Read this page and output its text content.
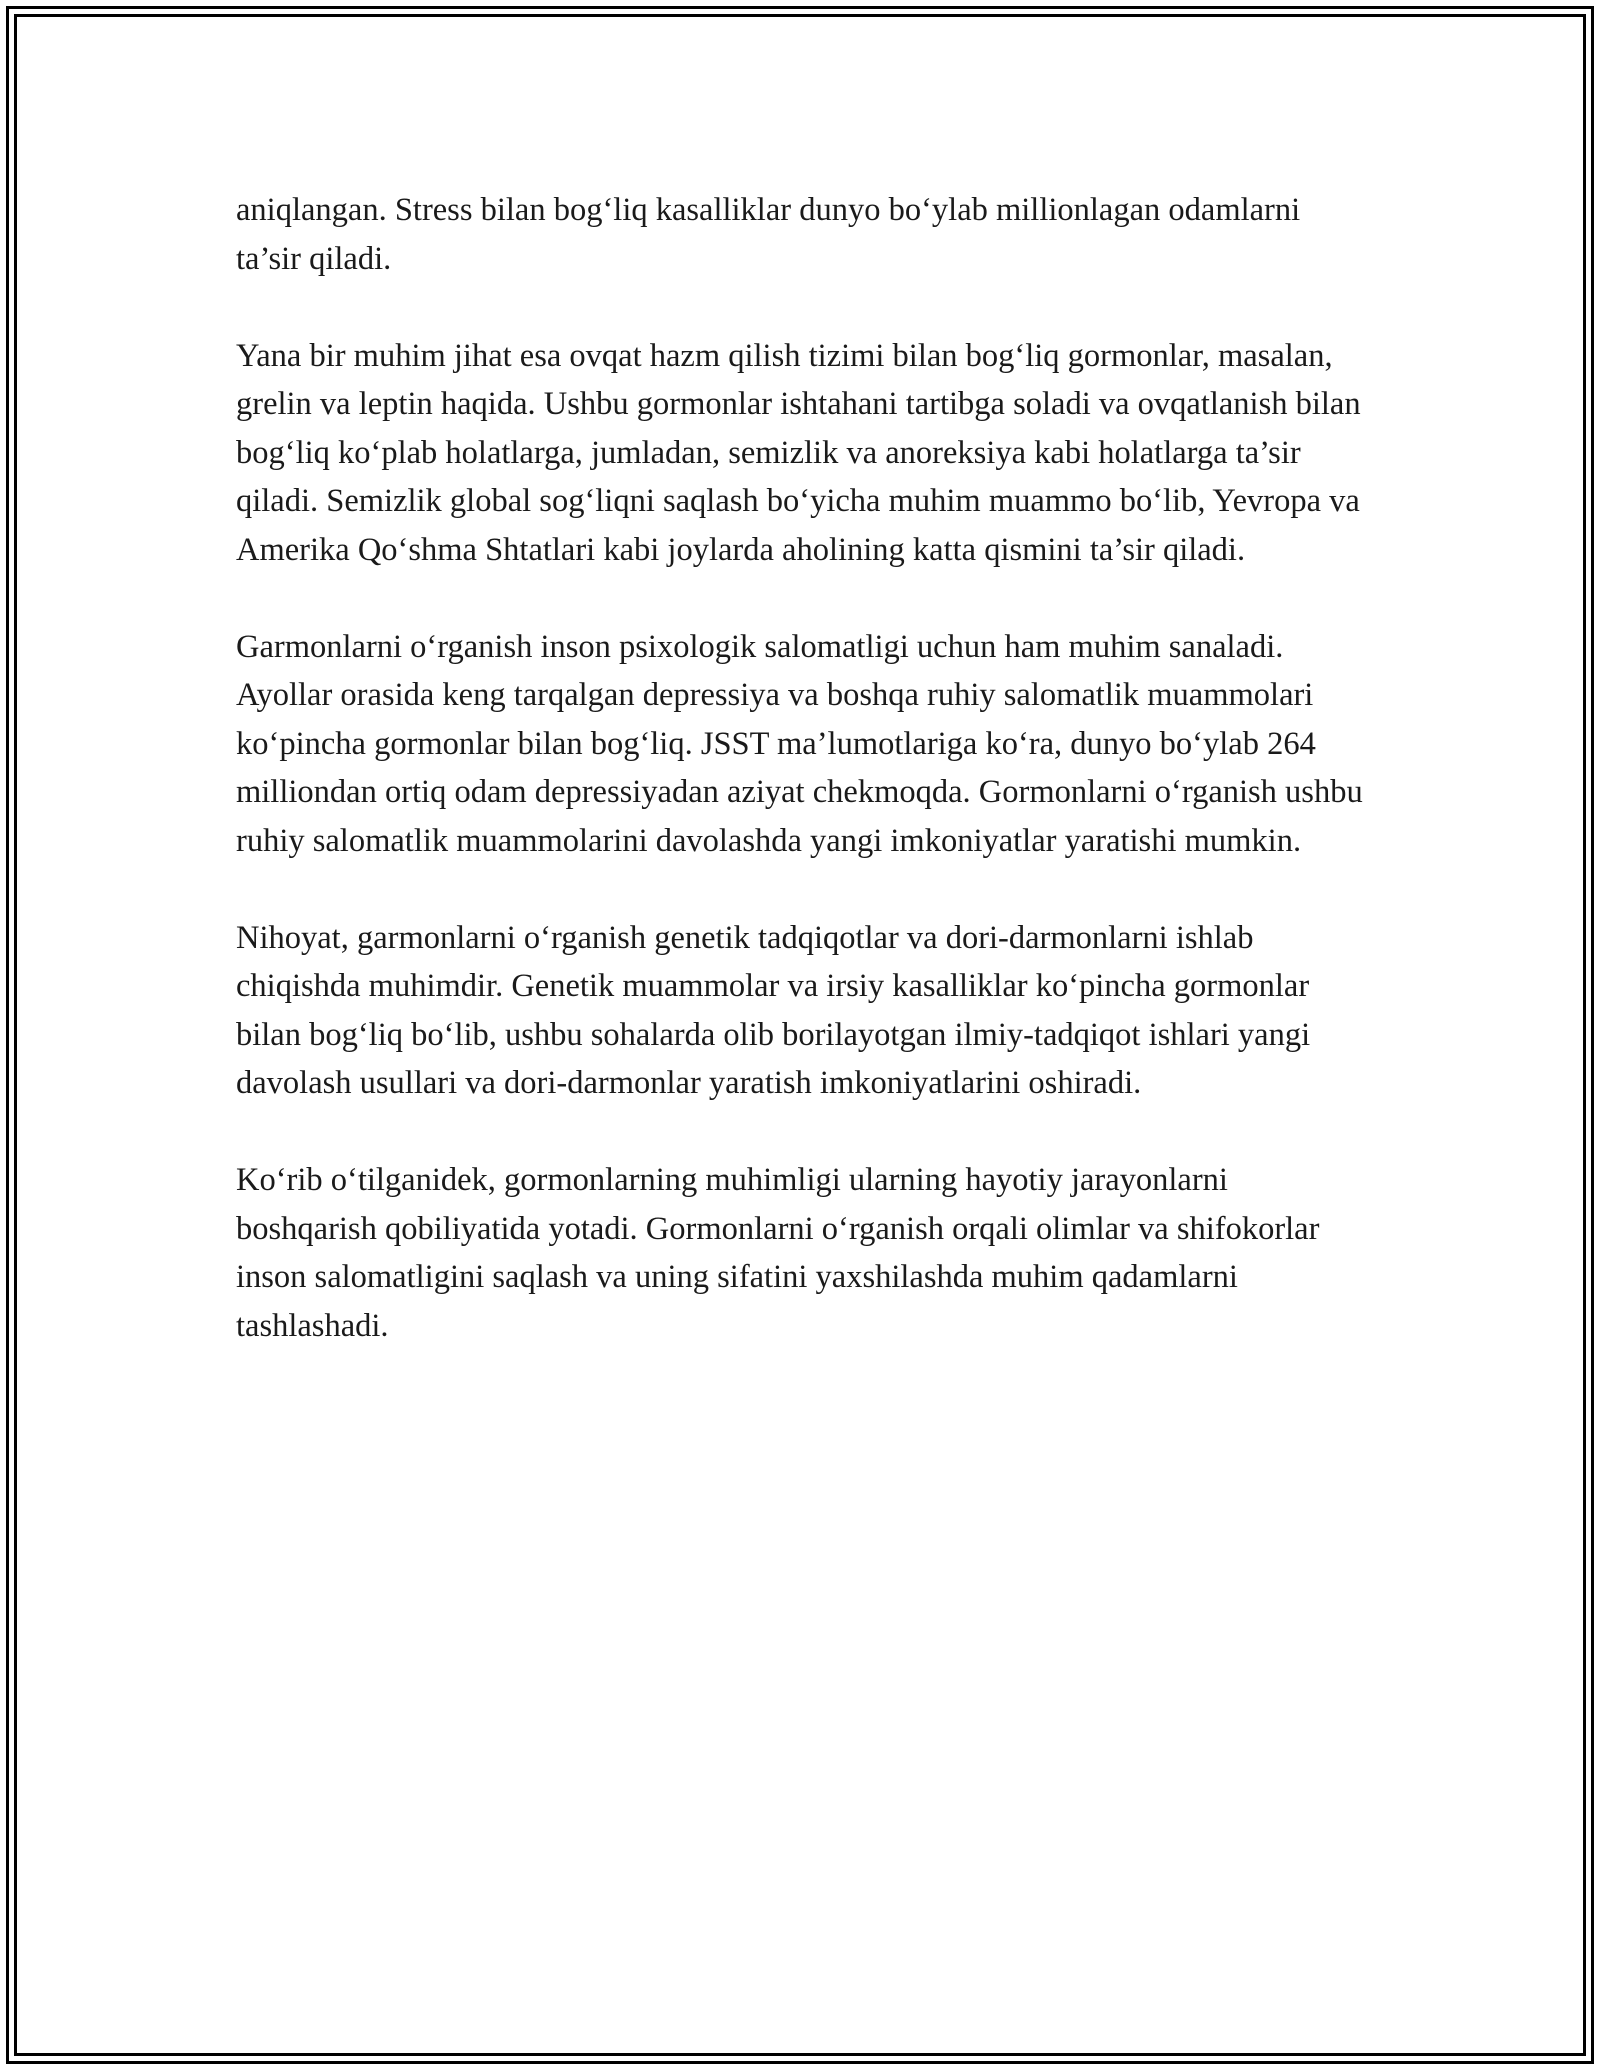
aniqlangan. Stress bilan bog‘liq kasalliklar dunyo bo‘ylab millionlagan odamlarni ta’sir qiladi.

Yana bir muhim jihat esa ovqat hazm qilish tizimi bilan bog‘liq gormonlar, masalan, grelin va leptin haqida. Ushbu gormonlar ishtahani tartibga soladi va ovqatlanish bilan bog‘liq ko‘plab holatlarga, jumladan, semizlik va anoreksiya kabi holatlarga ta’sir qiladi. Semizlik global sog‘liqni saqlash bo‘yicha muhim muammo bo‘lib, Yevropa va Amerika Qo‘shma Shtatlari kabi joylarda aholining katta qismini ta’sir qiladi.

Garmonlarni o‘rganish inson psixologik salomatligi uchun ham muhim sanaladi. Ayollar orasida keng tarqalgan depressiya va boshqa ruhiy salomatlik muammolari ko‘pincha gormonlar bilan bog‘liq. JSST ma’lumotlariga ko‘ra, dunyo bo‘ylab 264 milliondan ortiq odam depressiyadan aziyat chekmoqda. Gormonlarni o‘rganish ushbu ruhiy salomatlik muammolarini davolashda yangi imkoniyatlar yaratishi mumkin.

Nihoyat, garmonlarni o‘rganish genetik tadqiqotlar va dori-darmonlarni ishlab chiqishda muhimdir. Genetik muammolar va irsiy kasalliklar ko‘pincha gormonlar bilan bog‘liq bo‘lib, ushbu sohalarda olib borilayotgan ilmiy-tadqiqot ishlari yangi davolash usullari va dori-darmonlar yaratish imkoniyatlarini oshiradi.

Ko‘rib o‘tilganidek, gormonlarning muhimligi ularning hayotiy jarayonlarni boshqarish qobiliyatida yotadi. Gormonlarni o‘rganish orqali olimlar va shifokorlar inson salomatligini saqlash va uning sifatini yaxshilashda muhim qadamlarni tashlashadi.
